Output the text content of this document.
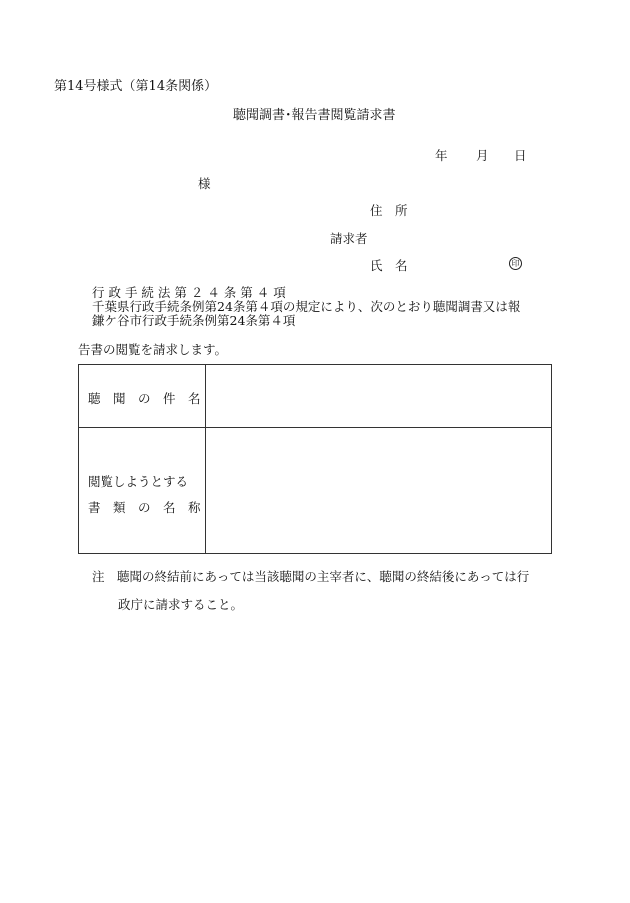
第14号様式（第14条関係）
聴聞調書･報告書閲覧請求書
年 月 日
様
住　所
請求者
氏　名	印
行 政 手 続 法 第 ２ ４ 条 第 ４ 項
千葉県行政手続条例第24条第４項の規定により、次のとおり聴聞調書又は報
鎌ケ谷市行政手続条例第24条第４項
告書の閲覧を請求します。
聴　聞　の　件　名
閲覧しようとする
書　類　の　名　称
注　聴聞の終結前にあっては当該聴聞の主宰者に、聴聞の終結後にあっては行
政庁に請求すること。
